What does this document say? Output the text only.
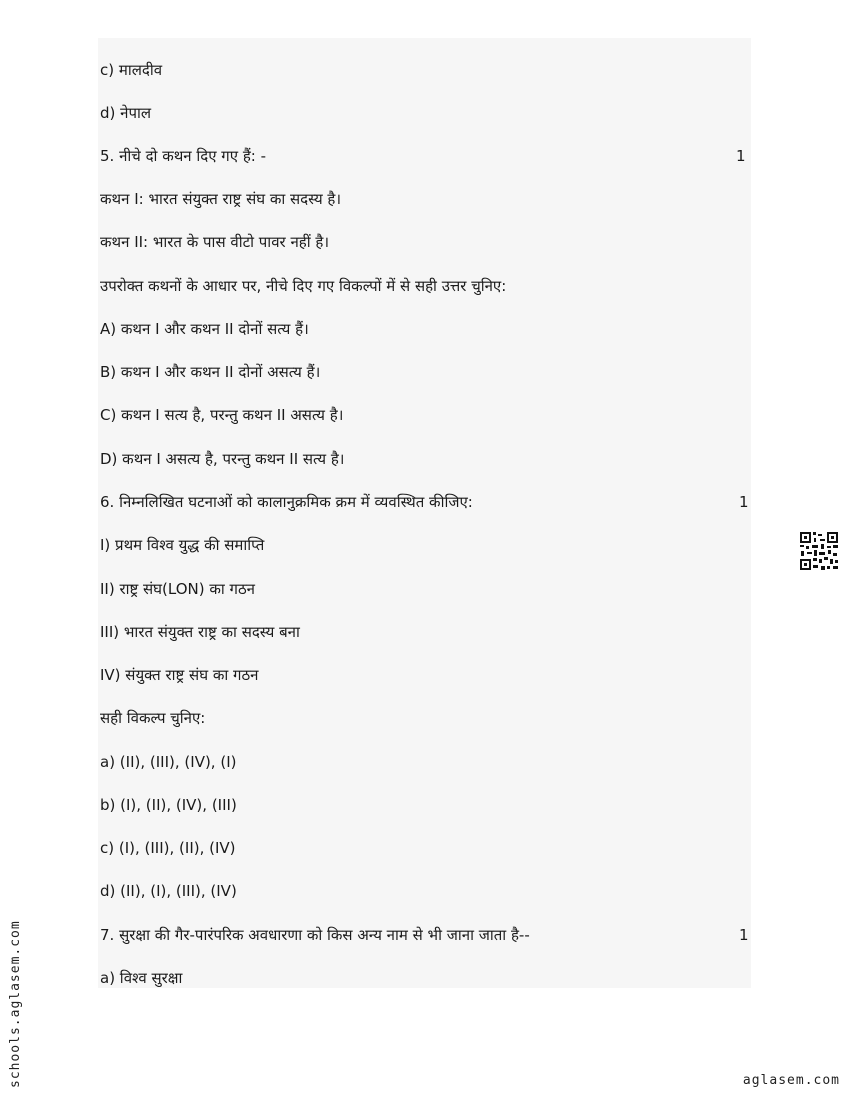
c) मालदीव
d) नेपाल
5. नीचे दो कथन दिए गए हैं: -	1
कथन I: भारत संयुक्त राष्ट्र संघ का सदस्य है।
कथन II: भारत के पास वीटो पावर नहीं है।
उपरोक्त कथनों के आधार पर, नीचे दिए गए विकल्पों में से सही उत्तर चुनिए:
A) कथन I और कथन II दोनों सत्य हैं।
B) कथन I और कथन II दोनों असत्य हैं।
C) कथन I सत्य है, परन्तु कथन II असत्य है।
D) कथन I असत्य है, परन्तु कथन II सत्य है।
6. निम्नलिखित घटनाओं को कालानुक्रमिक क्रम में व्यवस्थित कीजिए:	1
I) प्रथम विश्व युद्ध की समाप्ति
II) राष्ट्र संघ(LON) का गठन
III) भारत संयुक्त राष्ट्र का सदस्य बना
IV) संयुक्त राष्ट्र संघ का गठन
सही विकल्प चुनिए:
a) (II), (III), (IV), (I)
b) (I), (II), (IV), (III)
c) (I), (III), (II), (IV)
d) (II), (I), (III), (IV)
7. सुरक्षा की गैर-पारंपरिक अवधारणा को किस अन्य नाम से भी जाना जाता है--	1
a) विश्व सुरक्षा
schools.aglasem.com	aglasem.com
